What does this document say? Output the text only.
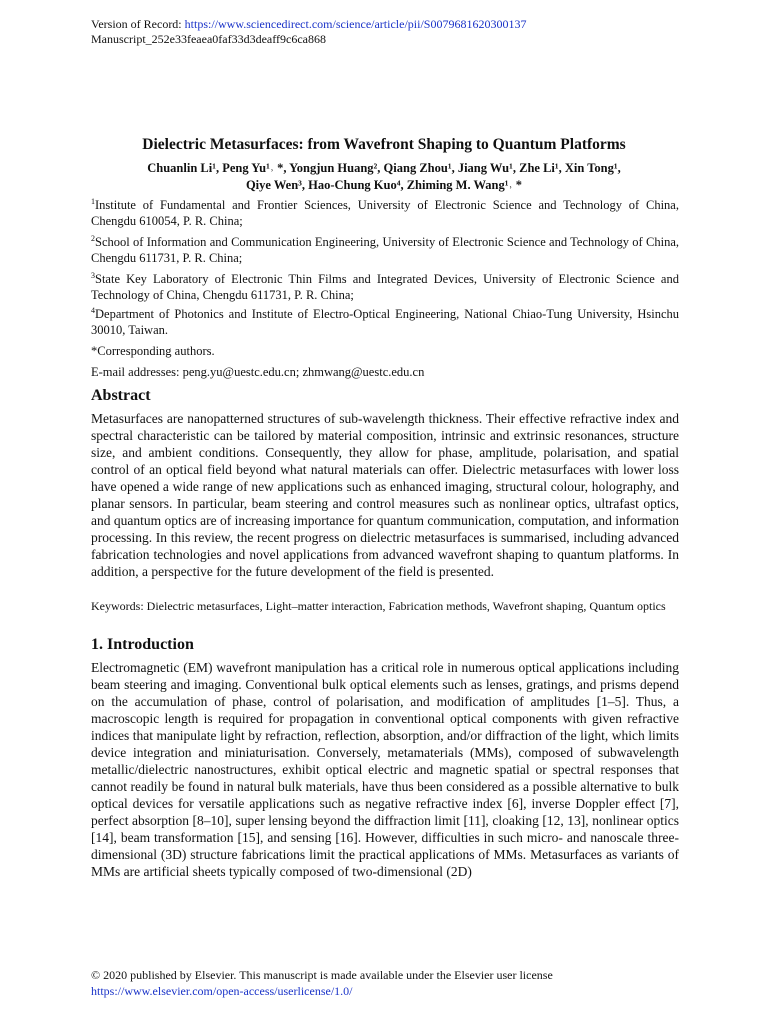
Version of Record: https://www.sciencedirect.com/science/article/pii/S0079681620300137
Manuscript_252e33feaea0faf33d3deaff9c6ca868
Dielectric Metasurfaces: from Wavefront Shaping to Quantum Platforms
Chuanlin Li¹, Peng Yu¹˒ *, Yongjun Huang², Qiang Zhou¹, Jiang Wu¹, Zhe Li¹, Xin Tong¹,
Qiye Wen³, Hao-Chung Kuo⁴, Zhiming M. Wang¹˒ *
$^1$Institute of Fundamental and Frontier Sciences, University of Electronic Science and Technology of China, Chengdu 610054, P. R. China;
$^2$School of Information and Communication Engineering, University of Electronic Science and Technology of China, Chengdu 611731, P. R. China;
$^3$State Key Laboratory of Electronic Thin Films and Integrated Devices, University of Electronic Science and Technology of China, Chengdu 611731, P. R. China;
$^4$Department of Photonics and Institute of Electro-Optical Engineering, National Chiao-Tung University, Hsinchu 30010, Taiwan.
*Corresponding authors.
E-mail addresses: peng.yu@uestc.edu.cn; zhmwang@uestc.edu.cn
Abstract
Metasurfaces are nanopatterned structures of sub-wavelength thickness. Their effective refractive index and spectral characteristic can be tailored by material composition, intrinsic and extrinsic resonances, structure size, and ambient conditions. Consequently, they allow for phase, amplitude, polarisation, and spatial control of an optical field beyond what natural materials can offer. Dielectric metasurfaces with lower loss have opened a wide range of new applications such as enhanced imaging, structural colour, holography, and planar sensors. In particular, beam steering and control measures such as nonlinear optics, ultrafast optics, and quantum optics are of increasing importance for quantum communication, computation, and information processing. In this review, the recent progress on dielectric metasurfaces is summarised, including advanced fabrication technologies and novel applications from advanced wavefront shaping to quantum platforms. In addition, a perspective for the future development of the field is presented.
Keywords: Dielectric metasurfaces, Light–matter interaction, Fabrication methods, Wavefront shaping, Quantum optics
1. Introduction
Electromagnetic (EM) wavefront manipulation has a critical role in numerous optical applications including beam steering and imaging. Conventional bulk optical elements such as lenses, gratings, and prisms depend on the accumulation of phase, control of polarisation, and modification of amplitudes [1–5]. Thus, a macroscopic length is required for propagation in conventional optical components with given refractive indices that manipulate light by refraction, reflection, absorption, and/or diffraction of the light, which limits device integration and miniaturisation. Conversely, metamaterials (MMs), composed of subwavelength metallic/dielectric nanostructures, exhibit optical electric and magnetic spatial or spectral responses that cannot readily be found in natural bulk materials, have thus been considered as a possible alternative to bulk optical devices for versatile applications such as negative refractive index [6], inverse Doppler effect [7], perfect absorption [8–10], super lensing beyond the diffraction limit [11], cloaking [12, 13], nonlinear optics [14], beam transformation [15], and sensing [16]. However, difficulties in such micro- and nanoscale three-dimensional (3D) structure fabrications limit the practical applications of MMs. Metasurfaces as variants of MMs are artificial sheets typically composed of two-dimensional (2D)
© 2020 published by Elsevier. This manuscript is made available under the Elsevier user license
https://www.elsevier.com/open-access/userlicense/1.0/
